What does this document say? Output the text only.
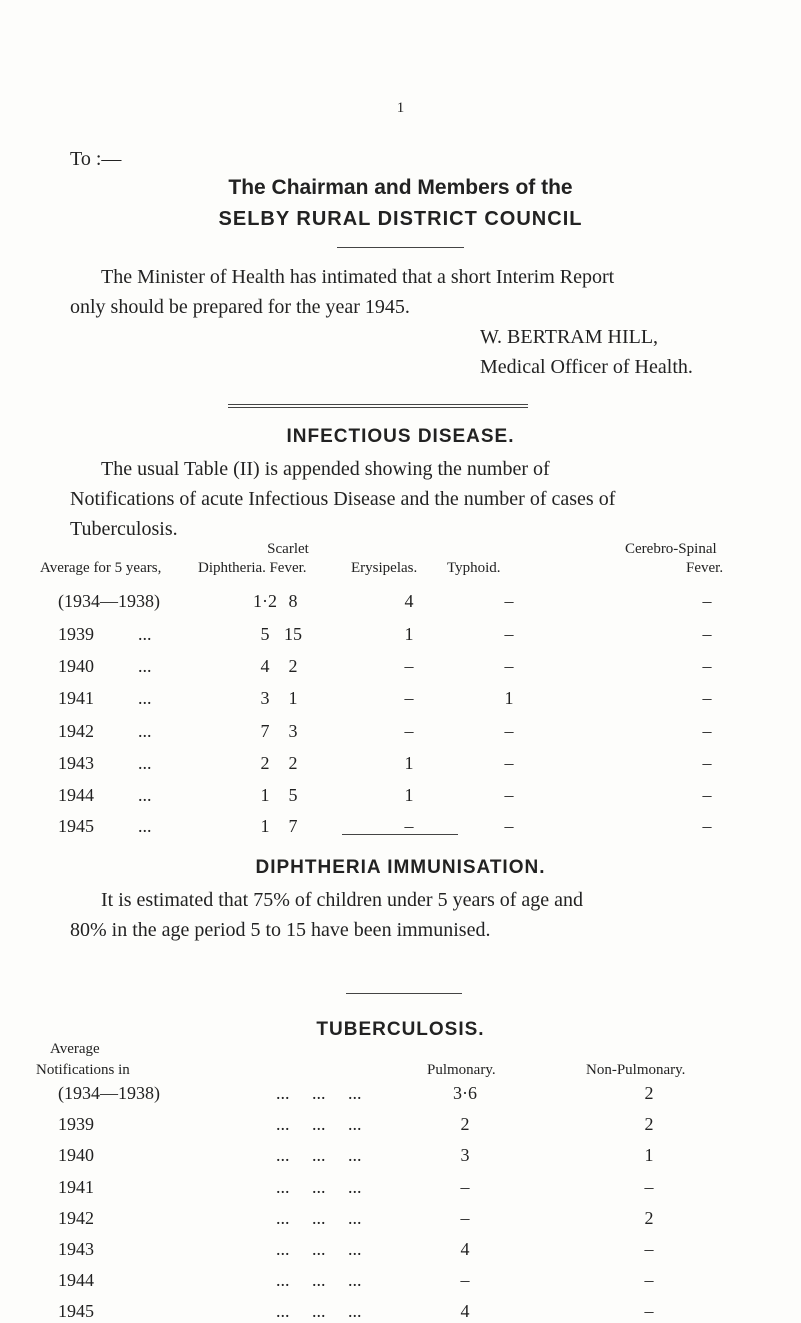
1
To :—
The Chairman and Members of the
SELBY RURAL DISTRICT COUNCIL
The Minister of Health has intimated that a short Interim Report
only should be prepared for the year 1945.
W. BERTRAM HILL,
Medical Officer of Health.
INFECTIOUS DISEASE.
The usual Table (II) is appended showing the number of
Notifications of acute Infectious Disease and the number of cases of
Tuberculosis.
Average for 5 years, Diphtheria.
Scarlet
Fever.	Erysipelas. Typhoid.
Cerebro-Spinal
Fever.
(1934—1938)	1·2 8	4	–	–
1939 ...	5 15	1	–	–
1940 ...	4	2	–	–	–
1941 ...	3	1	–	1	–
1942 ...	7	3	–	–	–
1943 ...	2	2	1	–	–
1944 ...	1	5	1	–	–
1945 ...	1	7	–	–	–
DIPHTHERIA IMMUNISATION.
It is estimated that 75% of children under 5 years of age and
80% in the age period 5 to 15 have been immunised.
TUBERCULOSIS.
Average
Notifications in	Pulmonary.	Non-Pulmonary.
(1934—1938)	...     ...     ...	3·6	2
1939	...     ...     ...	2	2
1940	...     ...     ...	3	1
1941	...     ...     ...	–	–
1942	...     ...     ...	–	2
1943	...     ...     ...	4	–
1944	...     ...     ...	–	–
1945	...     ...     ...	4	–
